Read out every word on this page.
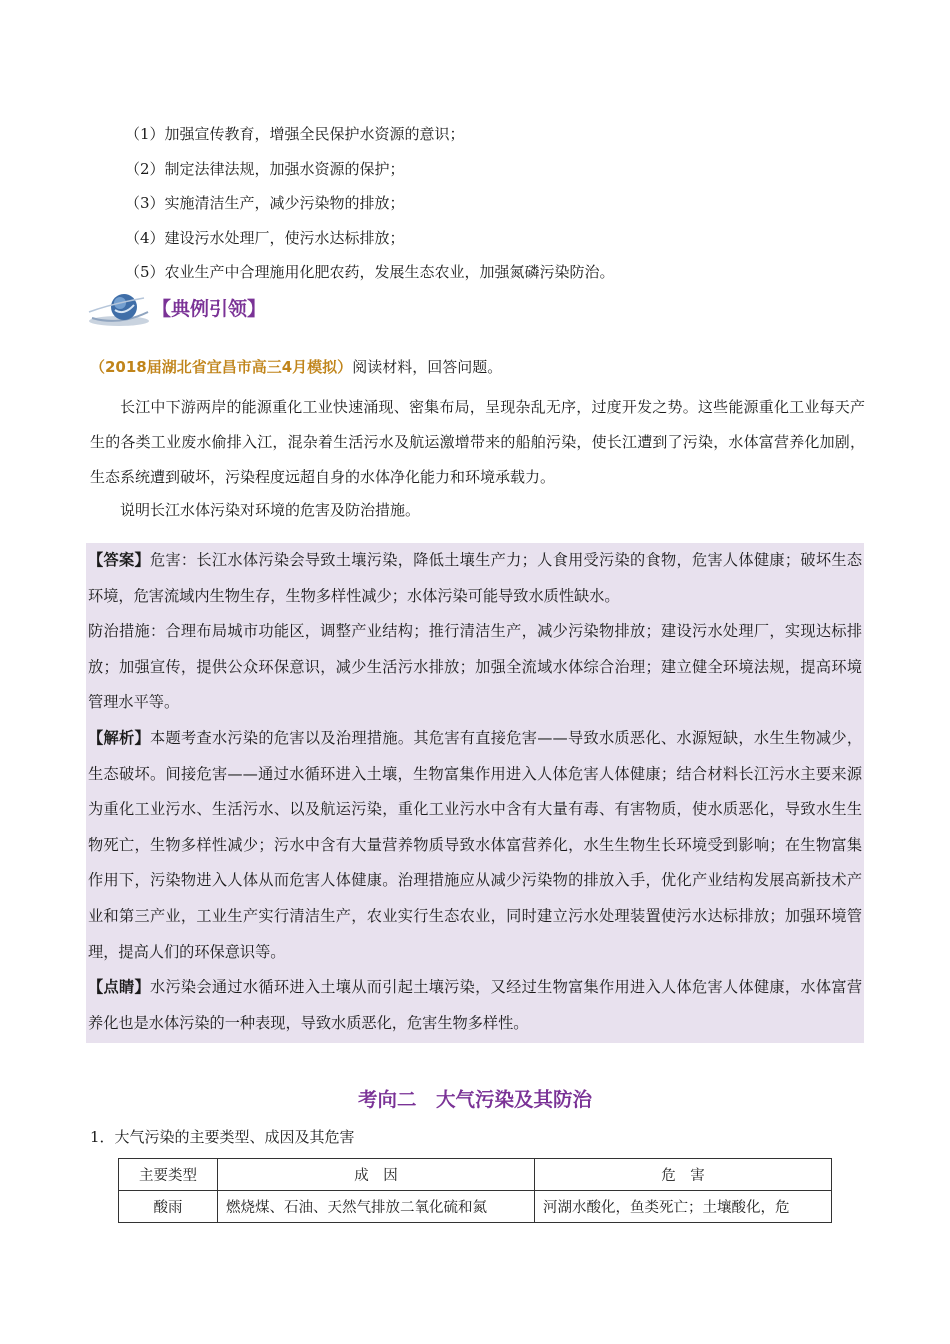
（1）加强宣传教育，增强全民保护水资源的意识；
（2）制定法律法规，加强水资源的保护；
（3）实施清洁生产，减少污染物的排放；
（4）建设污水处理厂，使污水达标排放；
（5）农业生产中合理施用化肥农药，发展生态农业，加强氮磷污染防治。
【典例引领】
（2018届湖北省宜昌市高三4月模拟）阅读材料，回答问题。
长江中下游两岸的能源重化工业快速涌现、密集布局，呈现杂乱无序，过度开发之势。这些能源重化工业每天产生的各类工业废水偷排入江，混杂着生活污水及航运激增带来的船舶污染，使长江遭到了污染，水体富营养化加剧，生态系统遭到破坏，污染程度远超自身的水体净化能力和环境承载力。
说明长江水体污染对环境的危害及防治措施。

【答案】危害：长江水体污染会导致土壤污染，降低土壤生产力；人食用受污染的食物，危害人体健康；破坏生态环境，危害流域内生物生存，生物多样性减少；水体污染可能导致水质性缺水。

防治措施：合理布局城市功能区，调整产业结构；推行清洁生产，减少污染物排放；建设污水处理厂，实现达标排放；加强宣传，提供公众环保意识，减少生活污水排放；加强全流域水体综合治理；建立健全环境法规，提高环境管理水平等。

【解析】本题考查水污染的危害以及治理措施。其危害有直接危害——导致水质恶化、水源短缺，水生生物减少，生态破坏。间接危害——通过水循环进入土壤，生物富集作用进入人体危害人体健康；结合材料长江污水主要来源为重化工业污水、生活污水、以及航运污染，重化工业污水中含有大量有毒、有害物质，使水质恶化，导致水生生物死亡，生物多样性减少；污水中含有大量营养物质导致水体富营养化，水生生物生长环境受到影响；在生物富集作用下，污染物进入人体从而危害人体健康。治理措施应从减少污染物的排放入手，优化产业结构发展高新技术产业和第三产业，工业生产实行清洁生产，农业实行生态农业，同时建立污水处理装置使污水达标排放；加强环境管理，提高人们的环保意识等。

【点睛】水污染会通过水循环进入土壤从而引起土壤污染，又经过生物富集作用进入人体危害人体健康，水体富营养化也是水体污染的一种表现，导致水质恶化，危害生物多样性。

考向二　大气污染及其防治
1．大气污染的主要类型、成因及其危害
主要类型	成　因	危　害
酸雨	燃烧煤、石油、天然气排放二氧化硫和氮	河湖水酸化，鱼类死亡；土壤酸化，危
